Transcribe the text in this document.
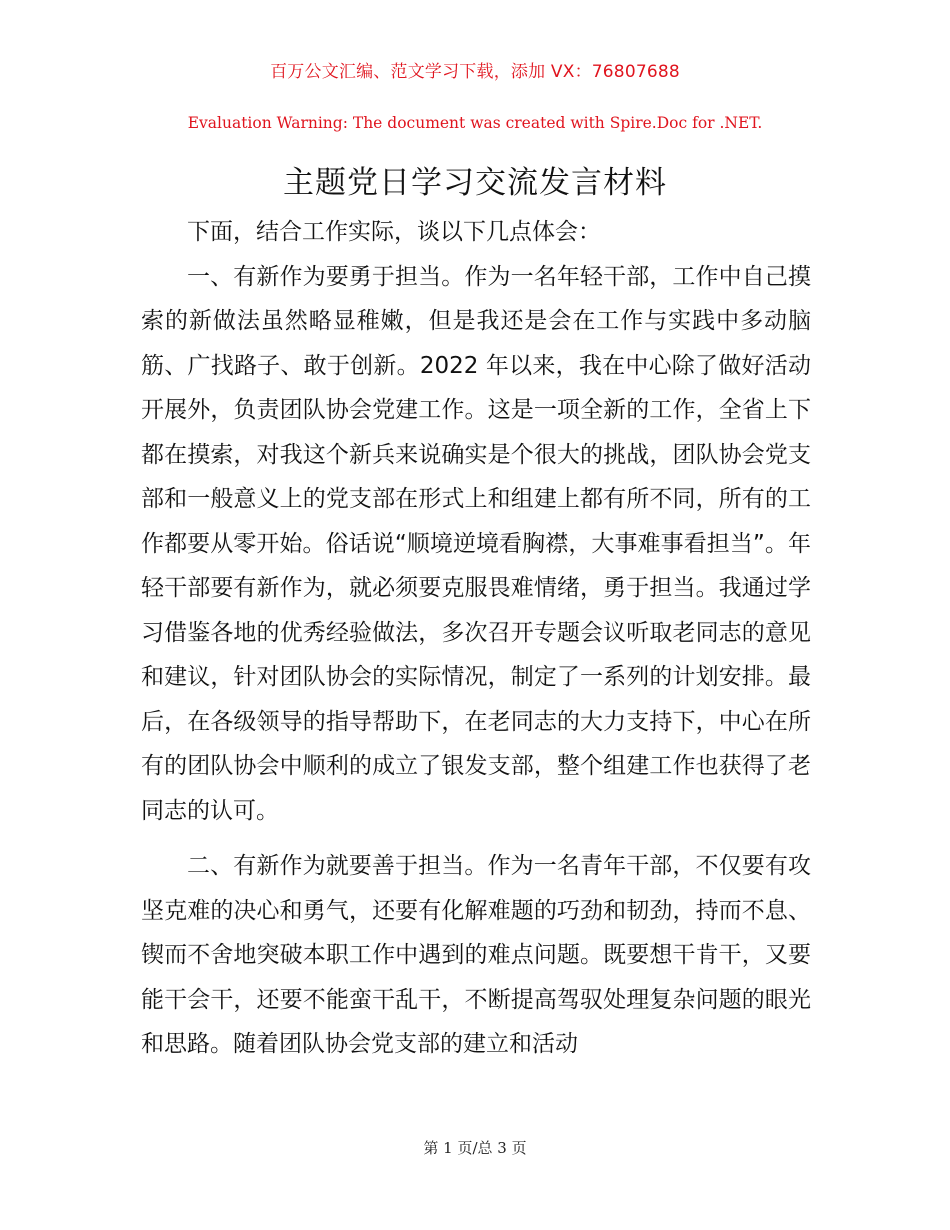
百万公文汇编、范文学习下载，添加 VX：76807688
Evaluation Warning: The document was created with Spire.Doc for .NET.
主题党日学习交流发言材料

下面，结合工作实际，谈以下几点体会：

一、有新作为要勇于担当。作为一名年轻干部，工作中自己摸索的新做法虽然略显稚嫩，但是我还是会在工作与实践中多动脑筋、广找路子、敢于创新。2022 年以来，我在中心除了做好活动开展外，负责团队协会党建工作。这是一项全新的工作，全省上下都在摸索，对我这个新兵来说确实是个很大的挑战，团队协会党支部和一般意义上的党支部在形式上和组建上都有所不同，所有的工作都要从零开始。俗话说“顺境逆境看胸襟，大事难事看担当”。年轻干部要有新作为，就必须要克服畏难情绪，勇于担当。我通过学习借鉴各地的优秀经验做法，多次召开专题会议听取老同志的意见和建议，针对团队协会的实际情况，制定了一系列的计划安排。最后，在各级领导的指导帮助下，在老同志的大力支持下，中心在所有的团队协会中顺利的成立了银发支部，整个组建工作也获得了老同志的认可。

二、有新作为就要善于担当。作为一名青年干部，不仅要有攻坚克难的决心和勇气，还要有化解难题的巧劲和韧劲，持而不息、锲而不舍地突破本职工作中遇到的难点问题。既要想干肯干，又要能干会干，还要不能蛮干乱干，不断提高驾驭处理复杂问题的眼光和思路。随着团队协会党支部的建立和活动

第 1 页/总 3 页
